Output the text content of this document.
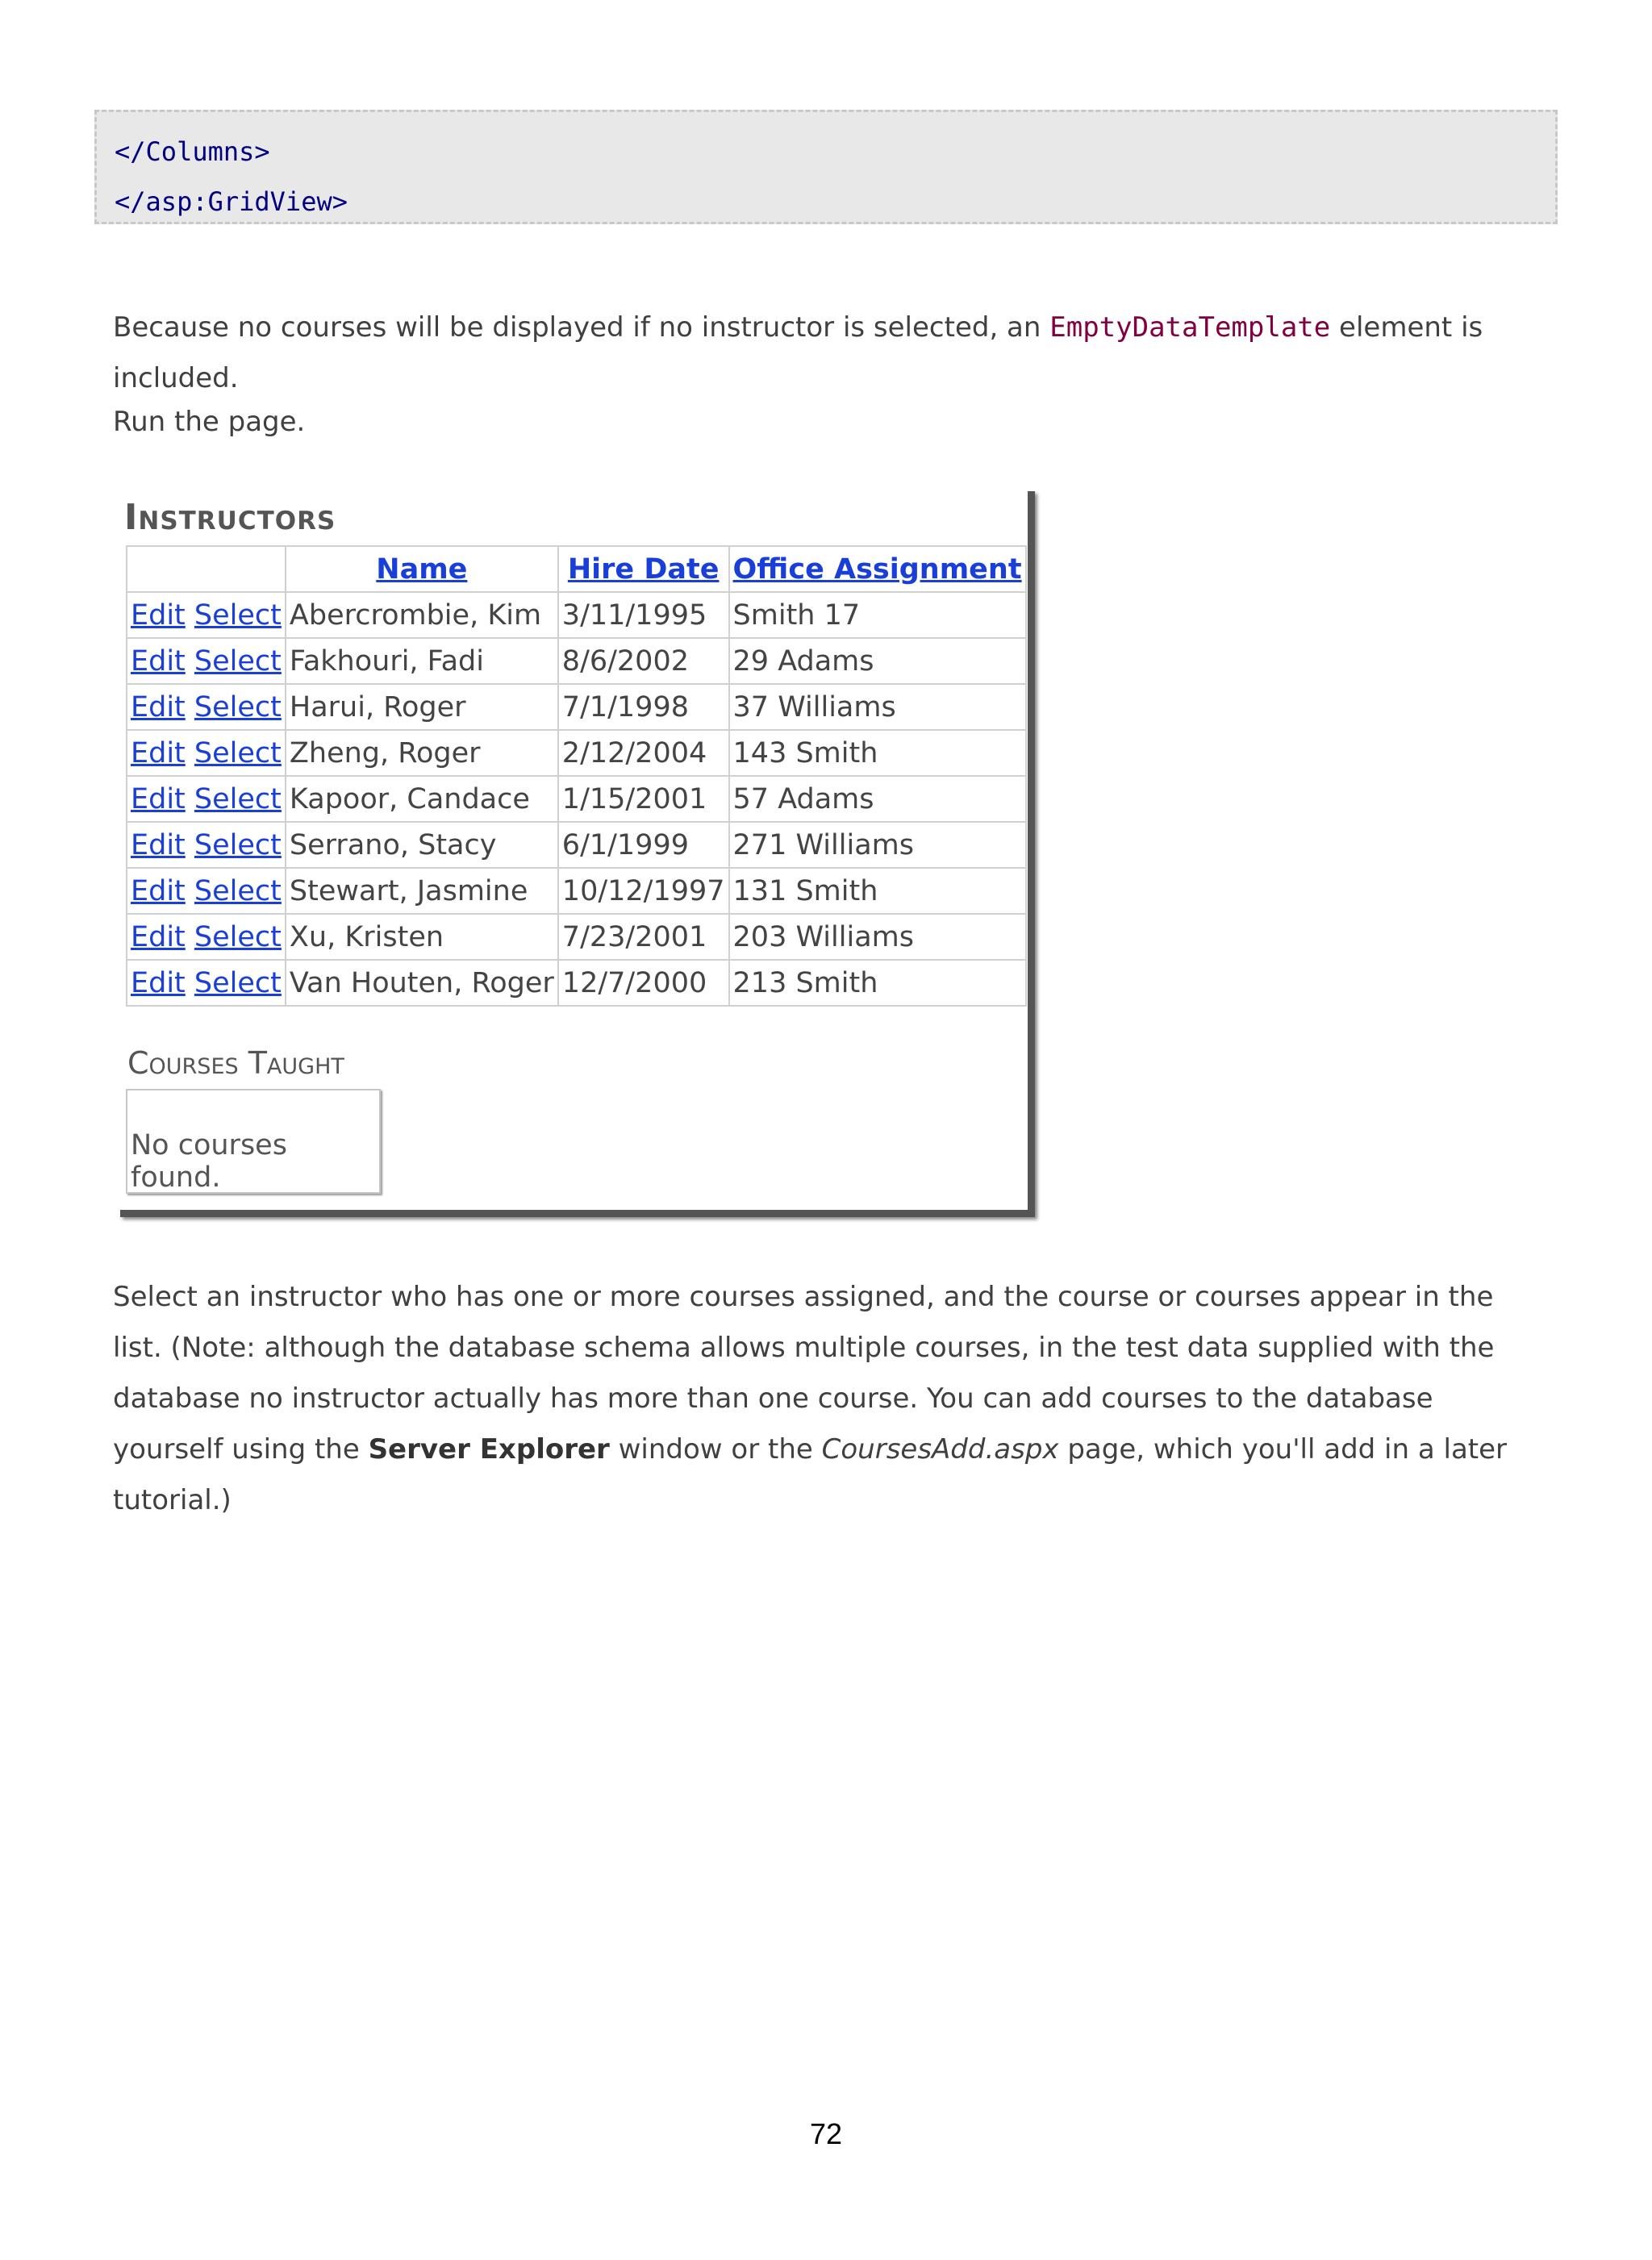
</Columns>
</asp:GridView>
Because no courses will be displayed if no instructor is selected, an EmptyDataTemplate element is included.
Run the page.
Instructors
	Name	Hire Date	Office Assignment
Edit Select	Abercrombie, Kim	3/11/1995	Smith 17
Edit Select	Fakhouri, Fadi	8/6/2002	29 Adams
Edit Select	Harui, Roger	7/1/1998	37 Williams
Edit Select	Zheng, Roger	2/12/2004	143 Smith
Edit Select	Kapoor, Candace	1/15/2001	57 Adams
Edit Select	Serrano, Stacy	6/1/1999	271 Williams
Edit Select	Stewart, Jasmine	10/12/1997	131 Smith
Edit Select	Xu, Kristen	7/23/2001	203 Williams
Edit Select	Van Houten, Roger	12/7/2000	213 Smith
Courses Taught
No courses found.
Select an instructor who has one or more courses assigned, and the course or courses appear in the list. (Note: although the database schema allows multiple courses, in the test data supplied with the database no instructor actually has more than one course. You can add courses to the database yourself using the Server Explorer window or the CoursesAdd.aspx page, which you'll add in a later tutorial.)
72
